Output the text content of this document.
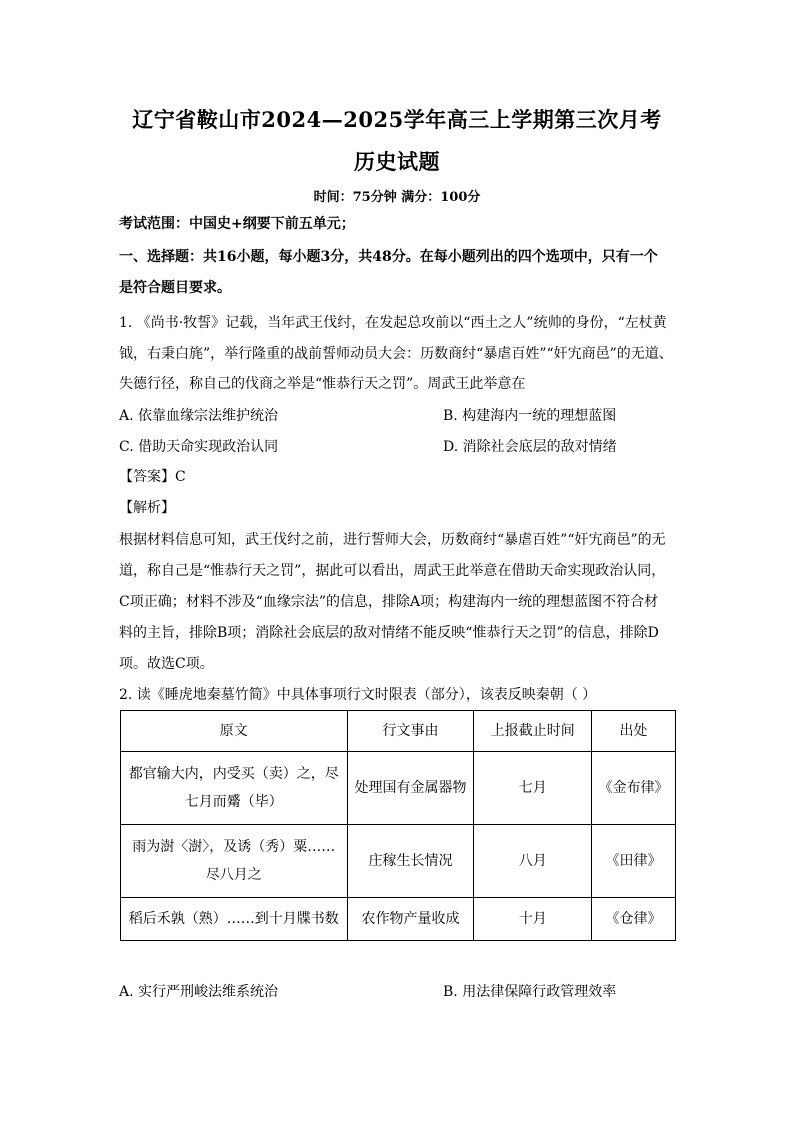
辽宁省鞍山市2024—2025学年高三上学期第三次月考
历史试题
时间：75分钟 满分：100分
考试范围：中国史+纲要下前五单元；
一、选择题：共16小题，每小题3分，共48分。在每小题列出的四个选项中，只有一个
是符合题目要求。
1. 《尚书·牧誓》记载，当年武王伐纣，在发起总攻前以“西土之人”统帅的身份，“左杖黄
钺，右秉白旄”，举行隆重的战前誓师动员大会：历数商纣“暴虐百姓”“奸宄商邑”的无道、
失德行径，称自己的伐商之举是“惟恭行天之罚”。周武王此举意在
A. 依靠血缘宗法维护统治	B. 构建海内一统的理想蓝图
C. 借助天命实现政治认同	D. 消除社会底层的敌对情绪
【答案】C
【解析】
根据材料信息可知，武王伐纣之前，进行誓师大会，历数商纣“暴虐百姓”“奸宄商邑”的无
道，称自己是“惟恭行天之罚”，据此可以看出，周武王此举意在借助天命实现政治认同，
C项正确；材料不涉及“血缘宗法”的信息，排除A项；构建海内一统的理想蓝图不符合材
料的主旨，排除B项；消除社会底层的敌对情绪不能反映“惟恭行天之罚”的信息，排除D
项。故选C项。
2. 读《睡虎地秦墓竹简》中具体事项行文时限表（部分），该表反映秦朝（ ）
原文	行文事由	上报截止时间	出处
都官输大内，内受买（卖）之，尽七月而觱（毕）	处理国有金属器物	七月	《金布律》
雨为澍〈澍〉，及诱（秀）粟……尽八月之	庄稼生长情况	八月	《田律》
稻后禾孰（熟）……到十月牒书数	农作物产量收成	十月	《仓律》
A. 实行严刑峻法维系统治	B. 用法律保障行政管理效率
